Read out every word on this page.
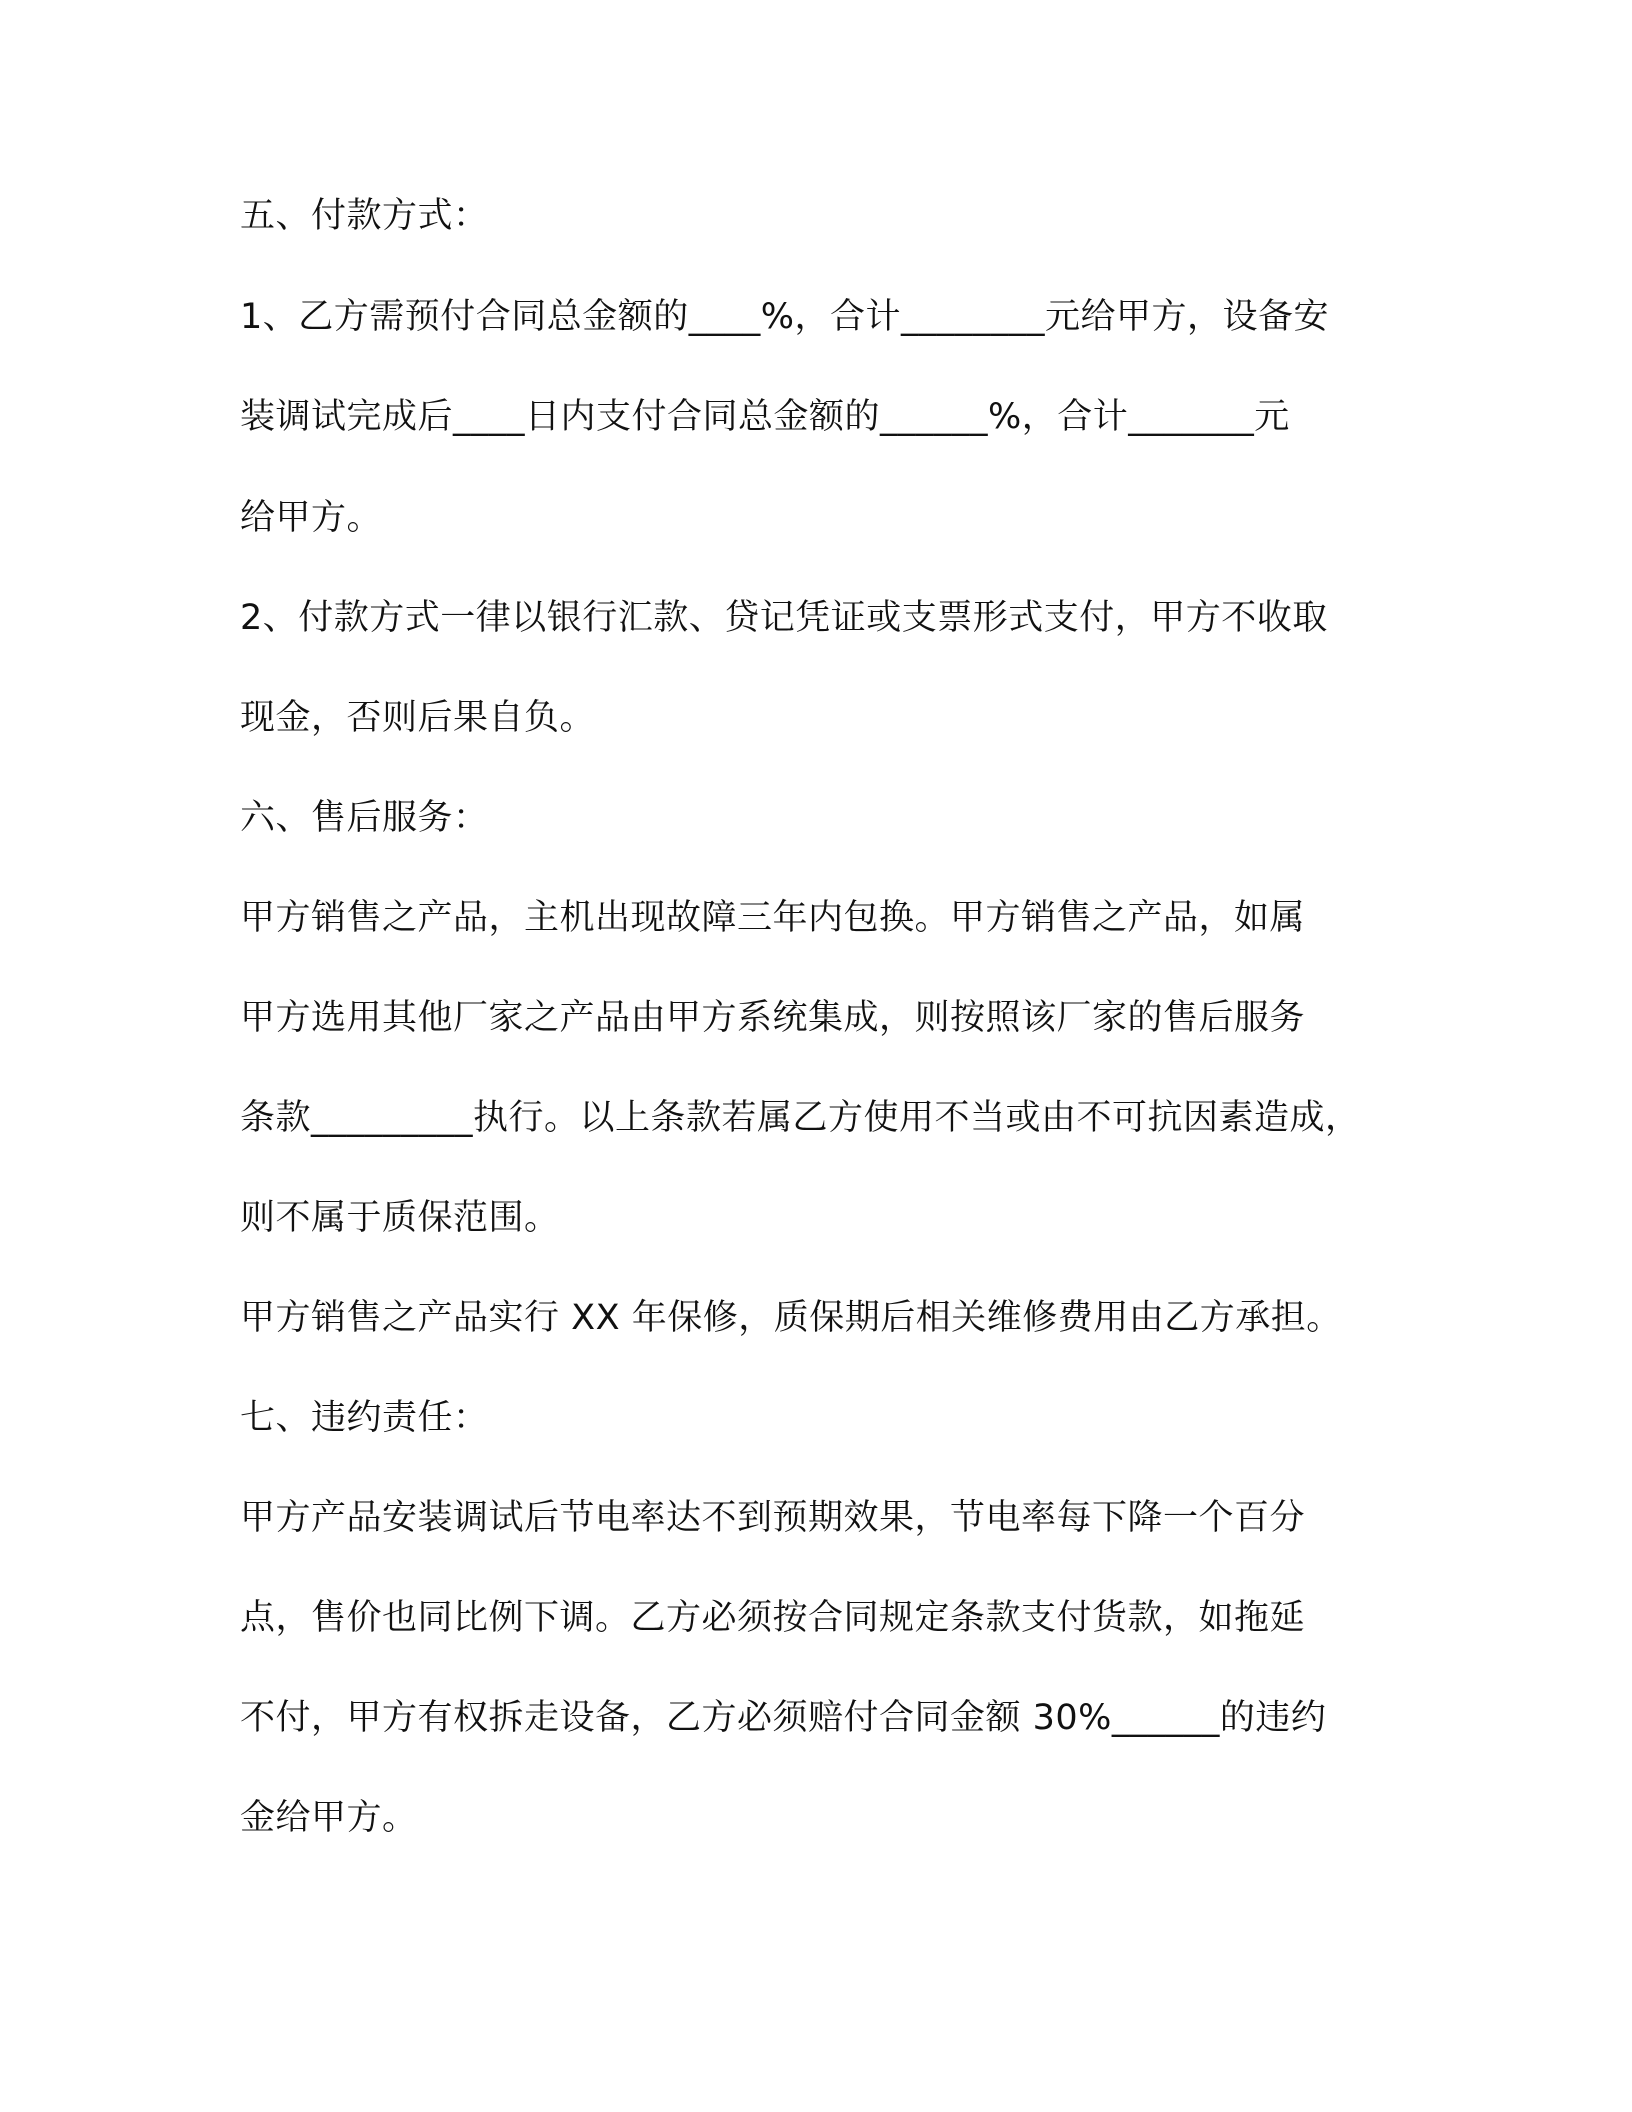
五、付款方式：

1、乙方需预付合同总金额的____%，合计________元给甲方，设备安

装调试完成后____日内支付合同总金额的______%，合计_______元

给甲方。

2、付款方式一律以银行汇款、贷记凭证或支票形式支付，甲方不收取

现金，否则后果自负。

六、售后服务：

甲方销售之产品，主机出现故障三年内包换。甲方销售之产品，如属

甲方选用其他厂家之产品由甲方系统集成，则按照该厂家的售后服务

条款_________执行。以上条款若属乙方使用不当或由不可抗因素造成，

则不属于质保范围。

甲方销售之产品实行 XX 年保修，质保期后相关维修费用由乙方承担。

七、违约责任：

甲方产品安装调试后节电率达不到预期效果，节电率每下降一个百分

点，售价也同比例下调。乙方必须按合同规定条款支付货款，如拖延

不付，甲方有权拆走设备，乙方必须赔付合同金额 30%______的违约

金给甲方。
